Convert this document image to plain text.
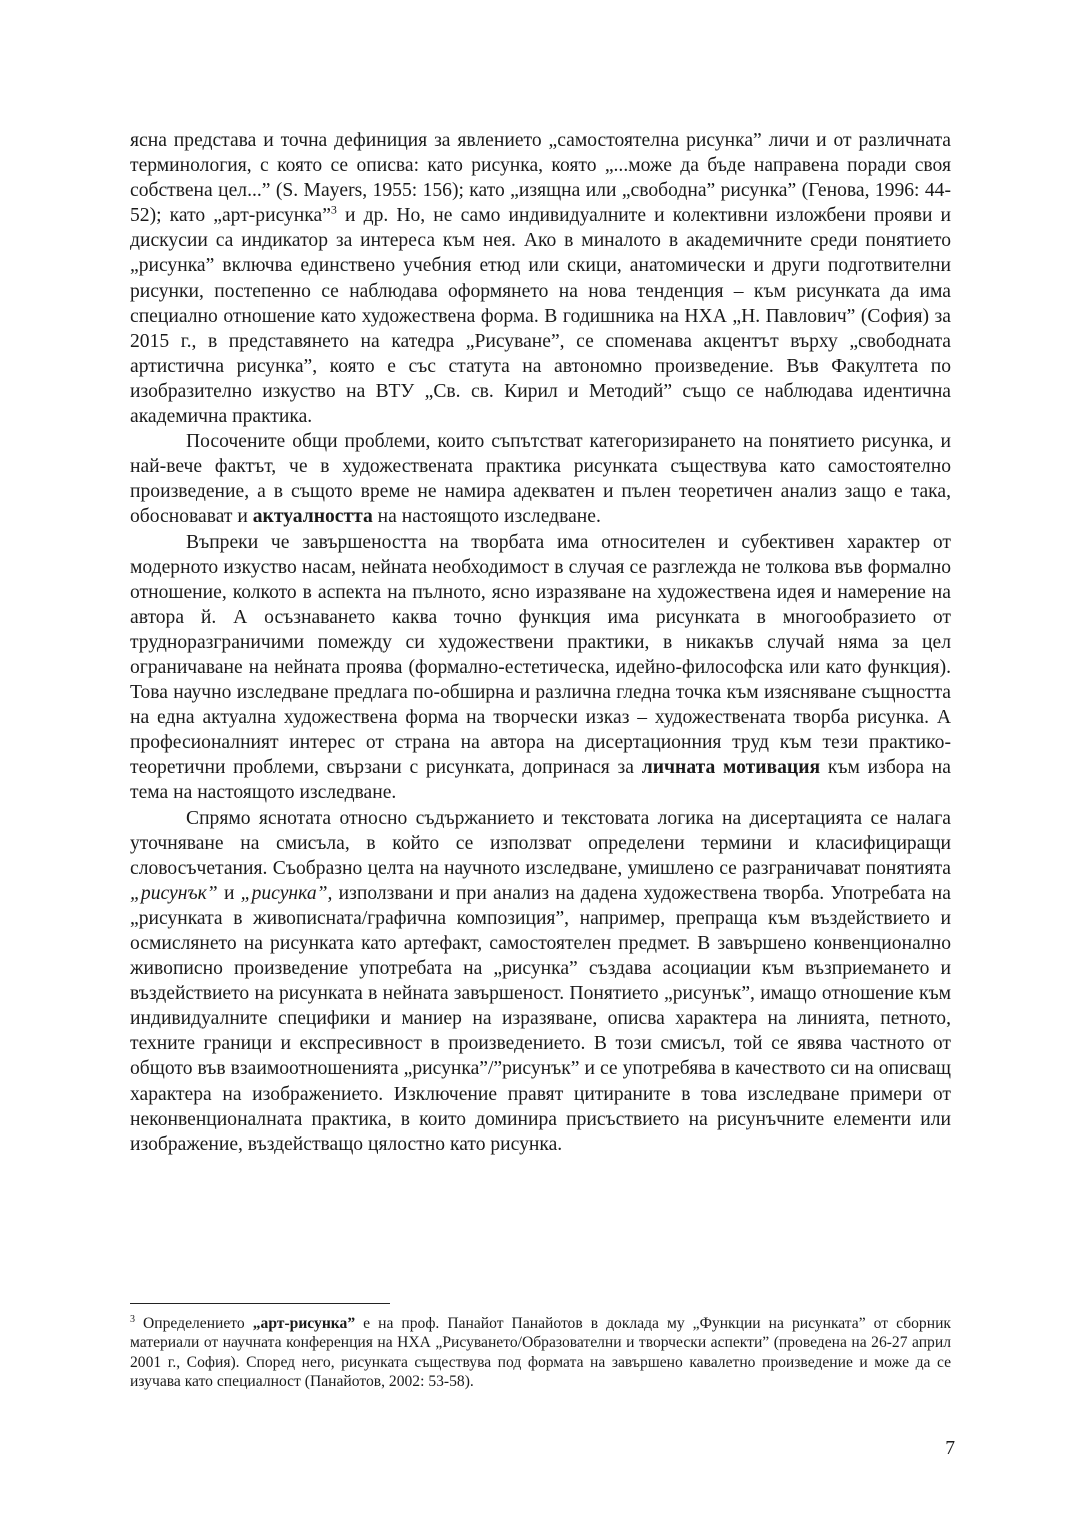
ясна представа и точна дефиниция за явлението „самостоятелна рисунка” личи и от различната терминология, с която се описва: като рисунка, която „...може да бъде направена поради своя собствена цел...” (S. Mayers, 1955: 156); като „изящна или „свободна” рисунка” (Генова, 1996: 44-52); като „арт-рисунка”$^3$ и др. Но, не само индивидуалните и колективни изложбени прояви и дискусии са индикатор за интереса към нея. Ако в миналото в академичните среди понятието „рисунка” включва единствено учебния етюд или скици, анатомически и други подготвителни рисунки, постепенно се наблюдава оформянето на нова тенденция – към рисунката да има специално отношение като художествена форма. В годишника на НХА „Н. Павлович” (София) за 2015 г., в представянето на катедра „Рисуване”, се споменава акцентът върху „свободната артистична рисунка”, която е със статута на автономно произведение. Във Факултета по изобразително изкуство на ВТУ „Св. св. Кирил и Методий” също се наблюдава идентична академична практика.

Посочените общи проблеми, които съпътстват категоризирането на понятието рисунка, и най-вече фактът, че в художествената практика рисунката съществува като самостоятелно произведение, а в същото време не намира адекватен и пълен теоретичен анализ защо е така, обосновават и актуалността на настоящото изследване.

Въпреки че завършеността на творбата има относителен и субективен характер от модерното изкуство насам, нейната необходимост в случая се разглежда не толкова във формално отношение, колкото в аспекта на пълното, ясно изразяване на художествена идея и намерение на автора й. А осъзнаването каква точно функция има рисунката в многообразието от трудноразграничими помежду си художествени практики, в никакъв случай няма за цел ограничаване на нейната проява (формално-естетическа, идейно-философска или като функция). Това научно изследване предлага по-обширна и различна гледна точка към изясняване същността на една актуална художествена форма на творчески изказ – художествената творба рисунка. А професионалният интерес от страна на автора на дисертационния труд към тези практико-теоретични проблеми, свързани с рисунката, допринася за личната мотивация към избора на тема на настоящото изследване.

Спрямо яснотата относно съдържанието и текстовата логика на дисертацията се налага уточняване на смисъла, в който се използват определени термини и класифициращи словосъчетания. Съобразно целта на научното изследване, умишлено се разграничават понятията „рисунък” и „рисунка”, използвани и при анализ на дадена художествена творба. Употребата на „рисунката в живописната/графична композиция”, например, препраща към въздействието и осмислянето на рисунката като артефакт, самостоятелен предмет. В завършено конвенционално живописно произведение употребата на „рисунка” създава асоциации към възприемането и въздействието на рисунката в нейната завършеност. Понятието „рисунък”, имащо отношение към индивидуалните специфики и маниер на изразяване, описва характера на линията, петното, техните граници и експресивност в произведението. В този смисъл, той се явява частното от общото във взаимоотношенията „рисунка”/”рисунък” и се употребява в качеството си на описващ характера на изображението. Изключение правят цитираните в това изследване примери от неконвенционалната практика, в които доминира присъствието на рисунъчните елементи или изображение, въздействащо цялостно като рисунка.

$^3$ Определението „арт-рисунка” е на проф. Панайот Панайотов в доклада му „Функции на рисунката” от сборник материали от научната конференция на НХА „Рисуването/Образователни и творчески аспекти” (проведена на 26-27 април 2001 г., София). Според него, рисунката съществува под формата на завършено кавалетно произведение и може да се изучава като специалност (Панайотов, 2002: 53-58).

7
